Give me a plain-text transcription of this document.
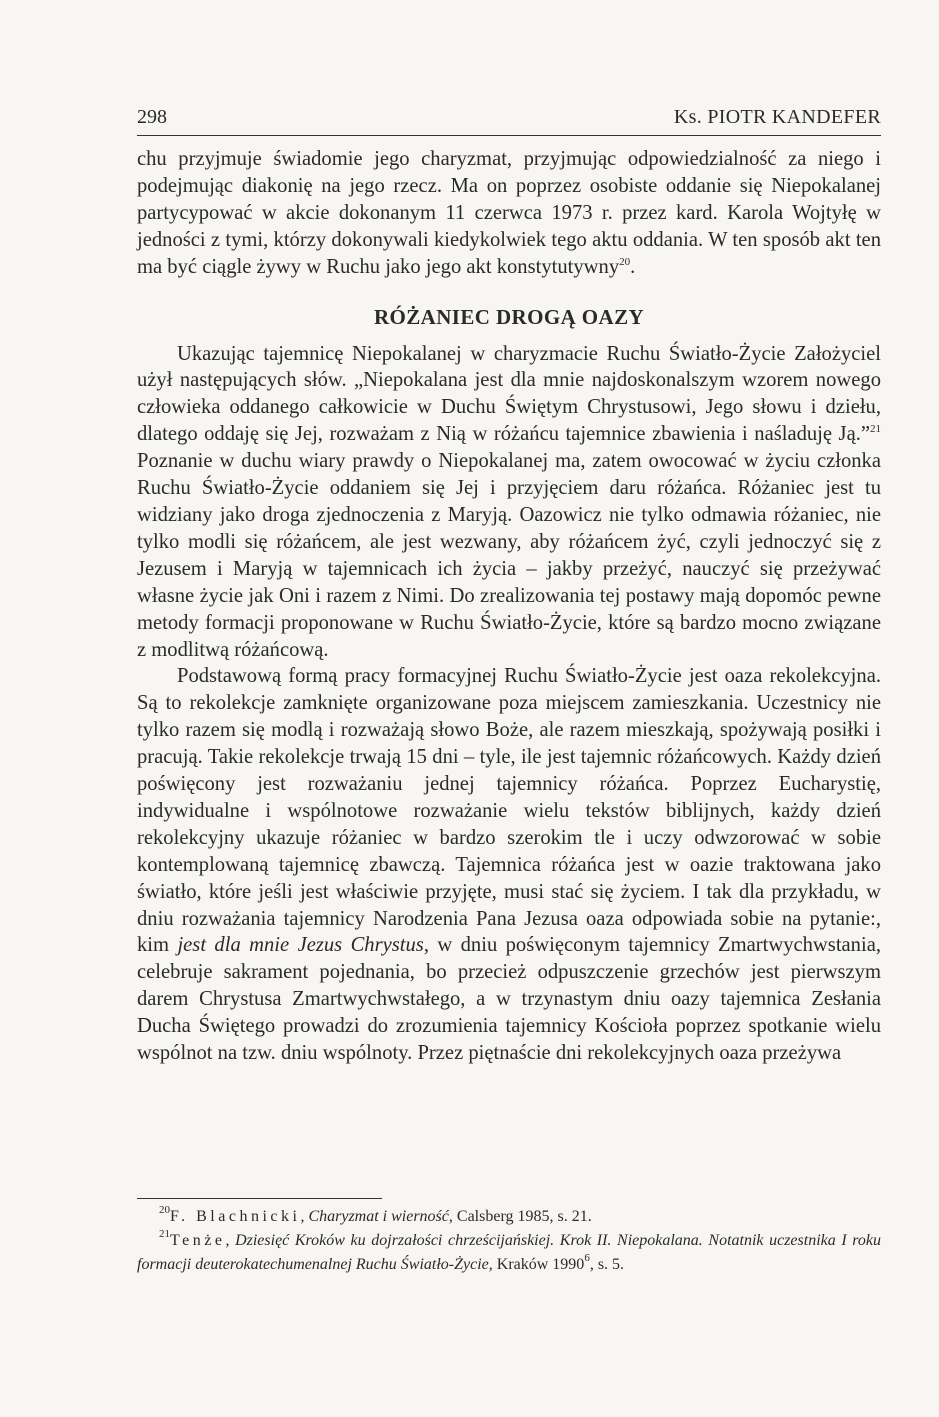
298	Ks. PIOTR KANDEFER

chu przyjmuje świadomie jego charyzmat, przyjmując odpowiedzialność za niego i podejmując diakonię na jego rzecz. Ma on poprzez osobiste oddanie się Niepokalanej partycypować w akcie dokonanym 11 czerwca 1973 r. przez kard. Karola Wojtyłę w jedności z tymi, którzy dokonywali kiedykolwiek tego aktu oddania. W ten sposób akt ten ma być ciągle żywy w Ruchu jako jego akt konstytutywny$^{20}$.

RÓŻANIEC DROGĄ OAZY

Ukazując tajemnicę Niepokalanej w charyzmacie Ruchu Światło-Życie Założyciel użył następujących słów. „Niepokalana jest dla mnie najdoskonalszym wzorem nowego człowieka oddanego całkowicie w Duchu Świętym Chrystusowi, Jego słowu i dziełu, dlatego oddaję się Jej, rozważam z Nią w różańcu tajemnice zbawienia i naśladuję Ją.”$^{21}$ Poznanie w duchu wiary prawdy o Niepokalanej ma, zatem owocować w życiu członka Ruchu Światło-Życie oddaniem się Jej i przyjęciem daru różańca. Różaniec jest tu widziany jako droga zjednoczenia z Maryją. Oazowicz nie tylko odmawia różaniec, nie tylko modli się różańcem, ale jest wezwany, aby różańcem żyć, czyli jednoczyć się z Jezusem i Maryją w tajemnicach ich życia – jakby przeżyć, nauczyć się przeżywać własne życie jak Oni i razem z Nimi. Do zrealizowania tej postawy mają dopomóc pewne metody formacji proponowane w Ruchu Światło-Życie, które są bardzo mocno związane z modlitwą różańcową.

Podstawową formą pracy formacyjnej Ruchu Światło-Życie jest oaza rekolekcyjna. Są to rekolekcje zamknięte organizowane poza miejscem zamieszkania. Uczestnicy nie tylko razem się modlą i rozważają słowo Boże, ale razem mieszkają, spożywają posiłki i pracują. Takie rekolekcje trwają 15 dni – tyle, ile jest tajemnic różańcowych. Każdy dzień poświęcony jest rozważaniu jednej tajemnicy różańca. Poprzez Eucharystię, indywidualne i wspólnotowe rozważanie wielu tekstów biblijnych, każdy dzień rekolekcyjny ukazuje różaniec w bardzo szerokim tle i uczy odwzorować w sobie kontemplowaną tajemnicę zbawczą. Tajemnica różańca jest w oazie traktowana jako światło, które jeśli jest właściwie przyjęte, musi stać się życiem. I tak dla przykładu, w dniu rozważania tajemnicy Narodzenia Pana Jezusa oaza odpowiada sobie na pytanie:, kim jest dla mnie Jezus Chrystus, w dniu poświęconym tajemnicy Zmartwychwstania, celebruje sakrament pojednania, bo przecież odpuszczenie grzechów jest pierwszym darem Chrystusa Zmartwychwstałego, a w trzynastym dniu oazy tajemnica Zesłania Ducha Świętego prowadzi do zrozumienia tajemnicy Kościoła poprzez spotkanie wielu wspólnot na tzw. dniu wspólnoty. Przez piętnaście dni rekolekcyjnych oaza przeżywa

$^{20}$F. Blachnicki, Charyzmat i wierność, Calsberg 1985, s. 21.

$^{21}$Tenże, Dziesięć Kroków ku dojrzałości chrześcijańskiej. Krok II. Niepokalana. Notatnik uczestnika I roku formacji deuterokatechumenalnej Ruchu Światło-Życie, Kraków 1990$^6$, s. 5.
